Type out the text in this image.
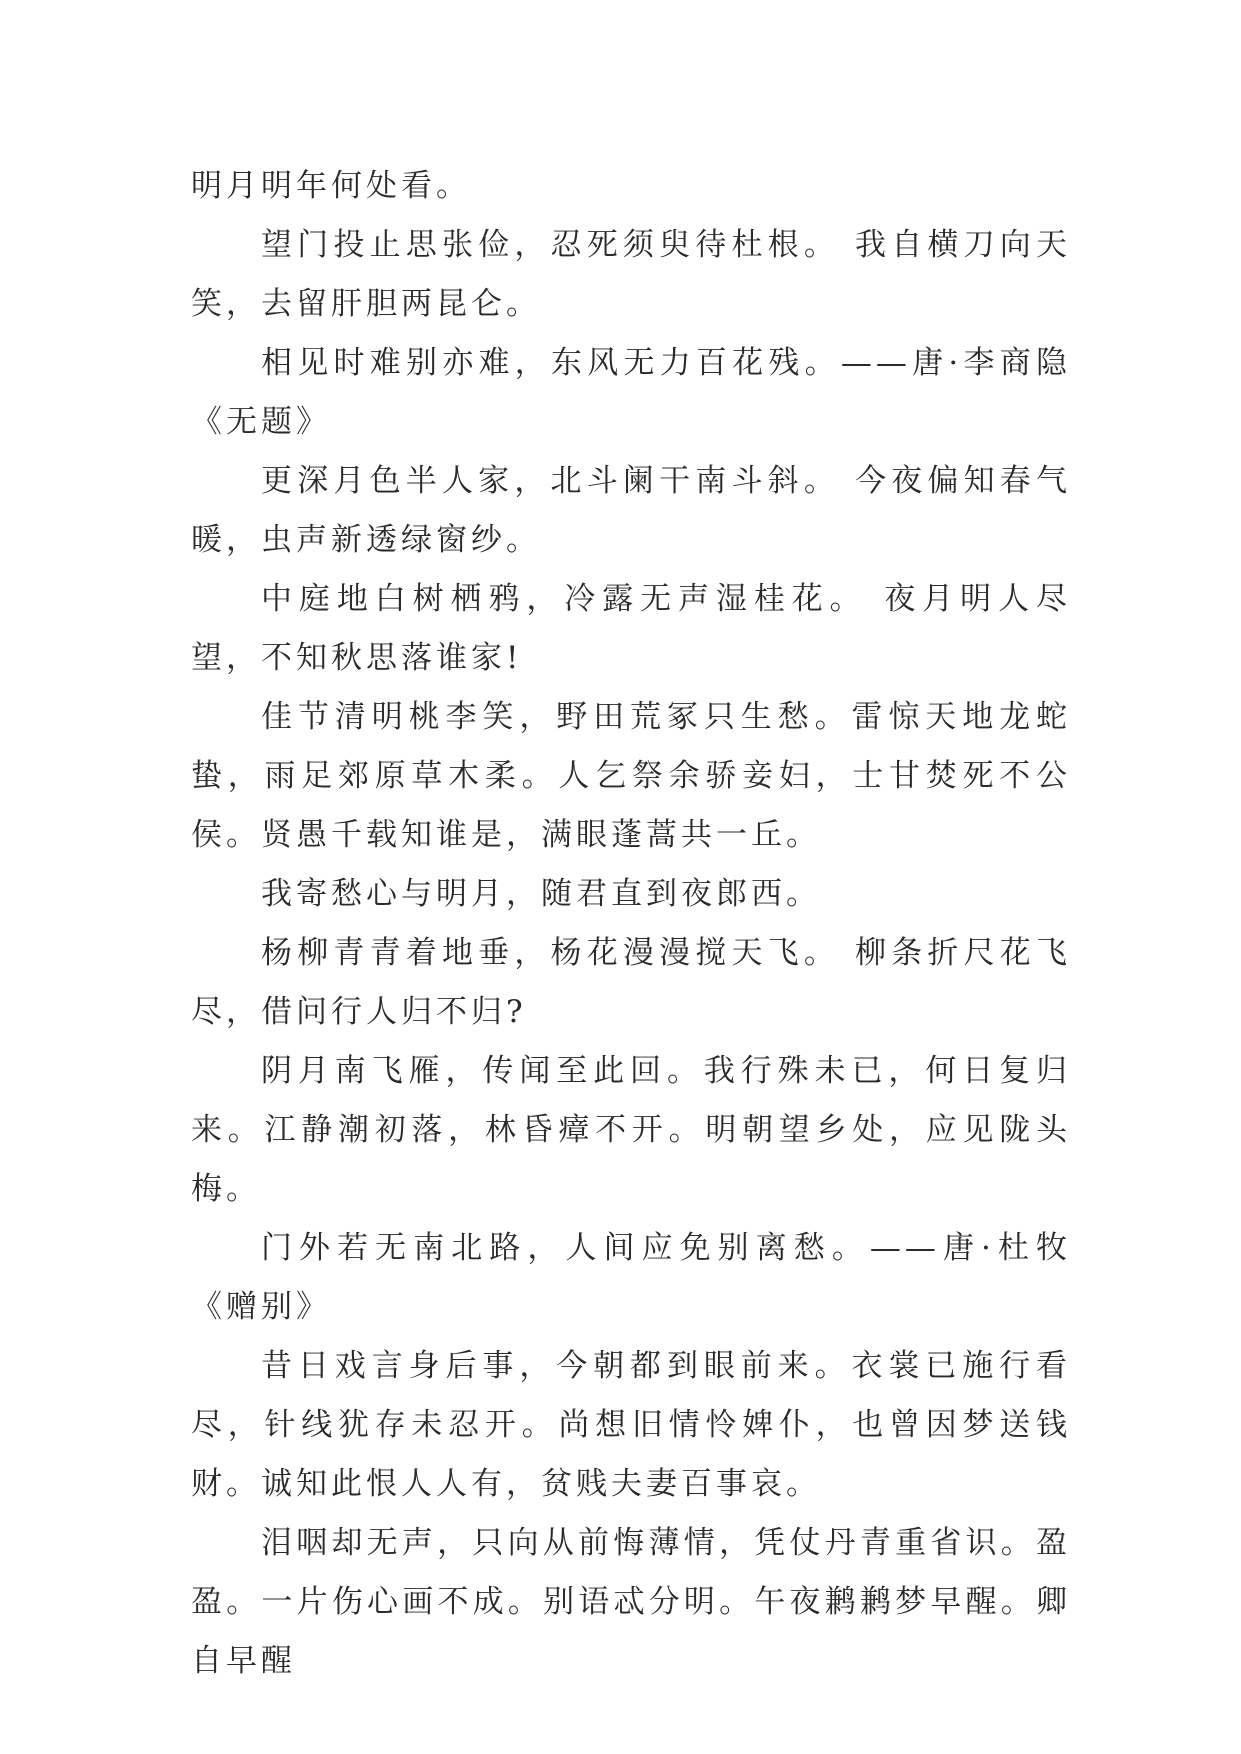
明月明年何处看。

望门投止思张俭，忍死须臾待杜根。 我自横刀向天笑，去留肝胆两昆仑。

相见时难别亦难，东风无力百花残。——唐·李商隐《无题》

更深月色半人家，北斗阑干南斗斜。 今夜偏知春气暖，虫声新透绿窗纱。

中庭地白树栖鸦，冷露无声湿桂花。 夜月明人尽望，不知秋思落谁家!

佳节清明桃李笑，野田荒冢只生愁。雷惊天地龙蛇蛰，雨足郊原草木柔。人乞祭余骄妾妇，士甘焚死不公侯。贤愚千载知谁是，满眼蓬蒿共一丘。

我寄愁心与明月，随君直到夜郎西。

杨柳青青着地垂，杨花漫漫搅天飞。 柳条折尺花飞尽，借问行人归不归?

阴月南飞雁，传闻至此回。我行殊未已，何日复归来。江静潮初落，林昏瘴不开。明朝望乡处，应见陇头梅。

门外若无南北路，人间应免别离愁。——唐·杜牧《赠别》

昔日戏言身后事，今朝都到眼前来。衣裳已施行看尽，针线犹存未忍开。尚想旧情怜婢仆，也曾因梦送钱财。诚知此恨人人有，贫贱夫妻百事哀。

泪咽却无声，只向从前悔薄情，凭仗丹青重省识。盈盈。一片伤心画不成。别语忒分明。午夜鹣鹣梦早醒。卿自早醒
